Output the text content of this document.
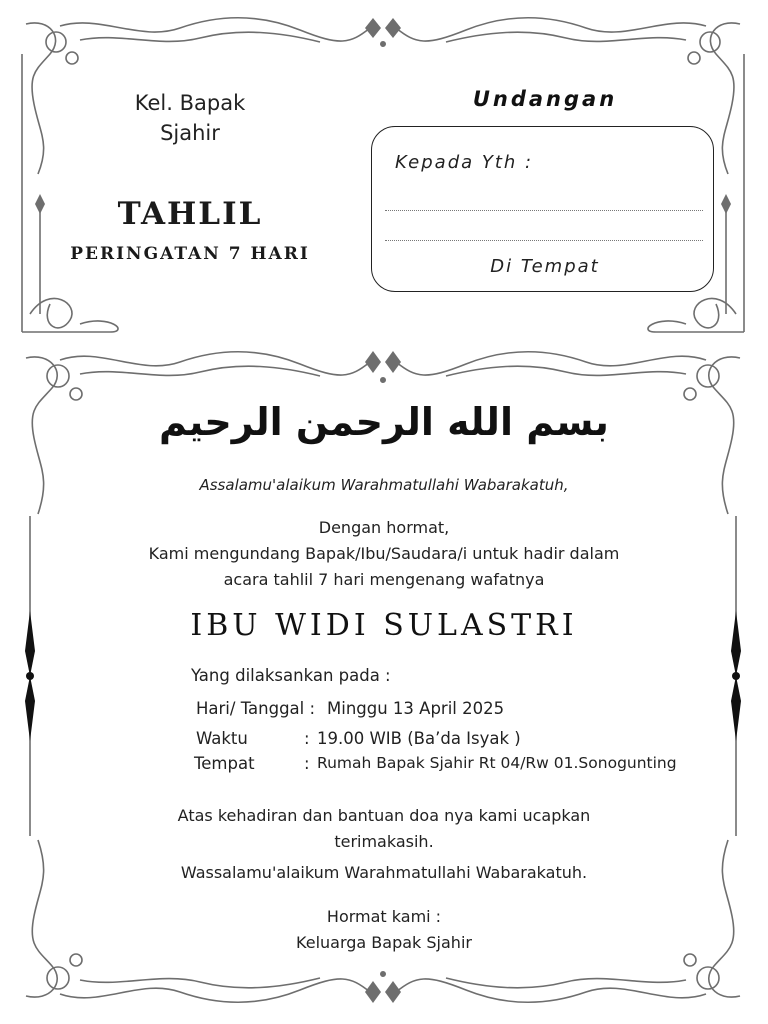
Kel. Bapak
Sjahir
TAHLIL
PERINGATAN 7 HARI
Undangan
Kepada Yth :
Di Tempat
بسم الله الرحمن الرحيم
Assalamu'alaikum Warahmatullahi Wabarakatuh,
Dengan hormat,
Kami mengundang Bapak/Ibu/Saudara/i untuk hadir dalam
acara tahlil 7 hari mengenang wafatnya
IBU WIDI SULASTRI
Yang dilaksankan pada :
Hari/ Tanggal : Minggu 13 April 2025
Waktu	: 19.00 WIB (Ba’da Isyak )
Tempat	: Rumah Bapak Sjahir Rt 04/Rw 01.Sonogunting
Atas kehadiran dan bantuan doa nya kami ucapkan
terimakasih.
Wassalamu'alaikum Warahmatullahi Wabarakatuh.
Hormat kami :
Keluarga Bapak Sjahir
